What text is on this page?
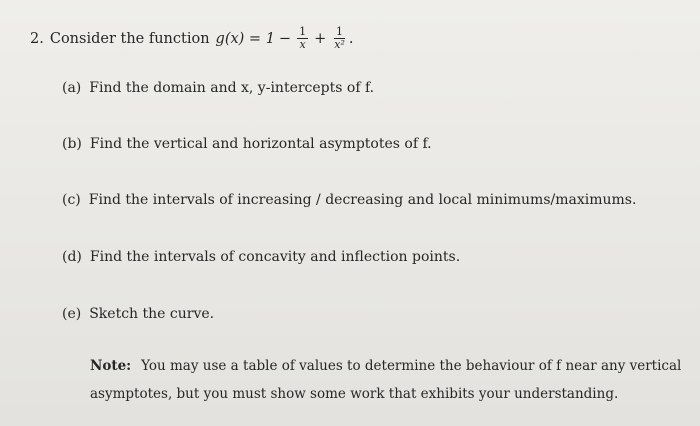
2. Consider the function $g(x) = 1 - \frac{1}{x} + \frac{1}{\text{x²}}$ .
(a) Find the domain and x, y-intercepts of f.
(b) Find the vertical and horizontal asymptotes of f.
(c) Find the intervals of increasing / decreasing and local minimums/maximums.
(d) Find the intervals of concavity and inflection points.
(e) Sketch the curve.
Note: You may use a table of values to determine the behaviour of f near any vertical asymptotes, but you must show some work that exhibits your understanding.
